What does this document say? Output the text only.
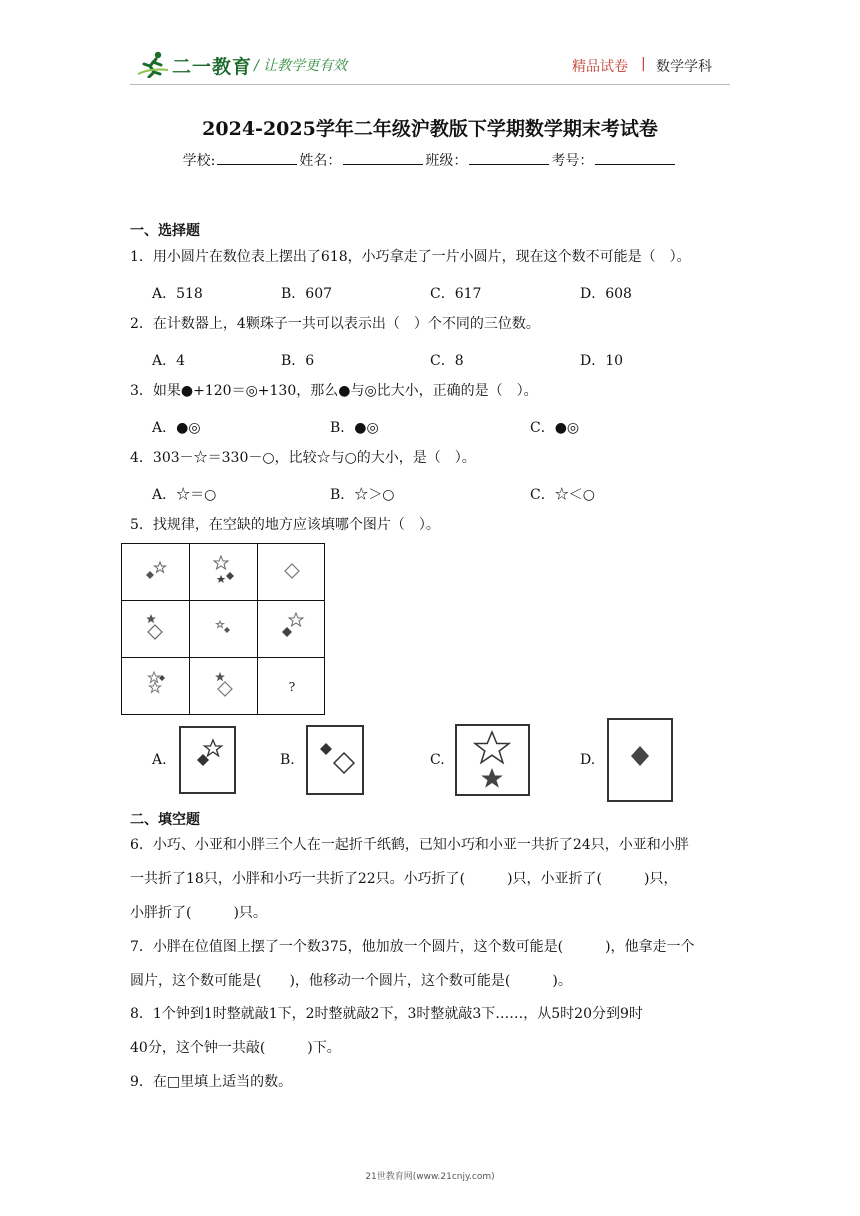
二一教育 / 让教学更有效	精品试卷 | 数学学科
2024-2025学年二年级沪教版下学期数学期末考试卷
学校:	姓名：	班级：	考号：
一、选择题
1．用小圆片在数位表上摆出了618，小巧拿走了一片小圆片，现在这个数不可能是（　）。
A．518	B．607	C．617	D．608
2．在计数器上，4颗珠子一共可以表示出（　）个不同的三位数。
A．4	B．6	C．8	D．10
3．如果●+120＝◎+130，那么●与◎比大小，正确的是（　）。
A．●◎	B．●◎	C．●◎
4．303－☆＝330－○，比较☆与○的大小，是（　）。
A．☆＝○	B．☆＞○	C．☆＜○
5．找规律，在空缺的地方应该填哪个图片（　）。
?
A.	B.	C.	D.
二、填空题
6．小巧、小亚和小胖三个人在一起折千纸鹤，已知小巧和小亚一共折了24只，小亚和小胖
一共折了18只，小胖和小巧一共折了22只。小巧折了(　　　)只，小亚折了(　　　)只，
小胖折了(　　　)只。
7．小胖在位值图上摆了一个数375，他加放一个圆片，这个数可能是(　　　)，他拿走一个
圆片，这个数可能是(　　)，他移动一个圆片，这个数可能是(　　　)。
8．1个钟到1时整就敲1下，2时整就敲2下，3时整就敲3下……，从5时20分到9时
40分，这个钟一共敲(　　　)下。
9．在□里填上适当的数。
21世教育网(www.21cnjy.com)
